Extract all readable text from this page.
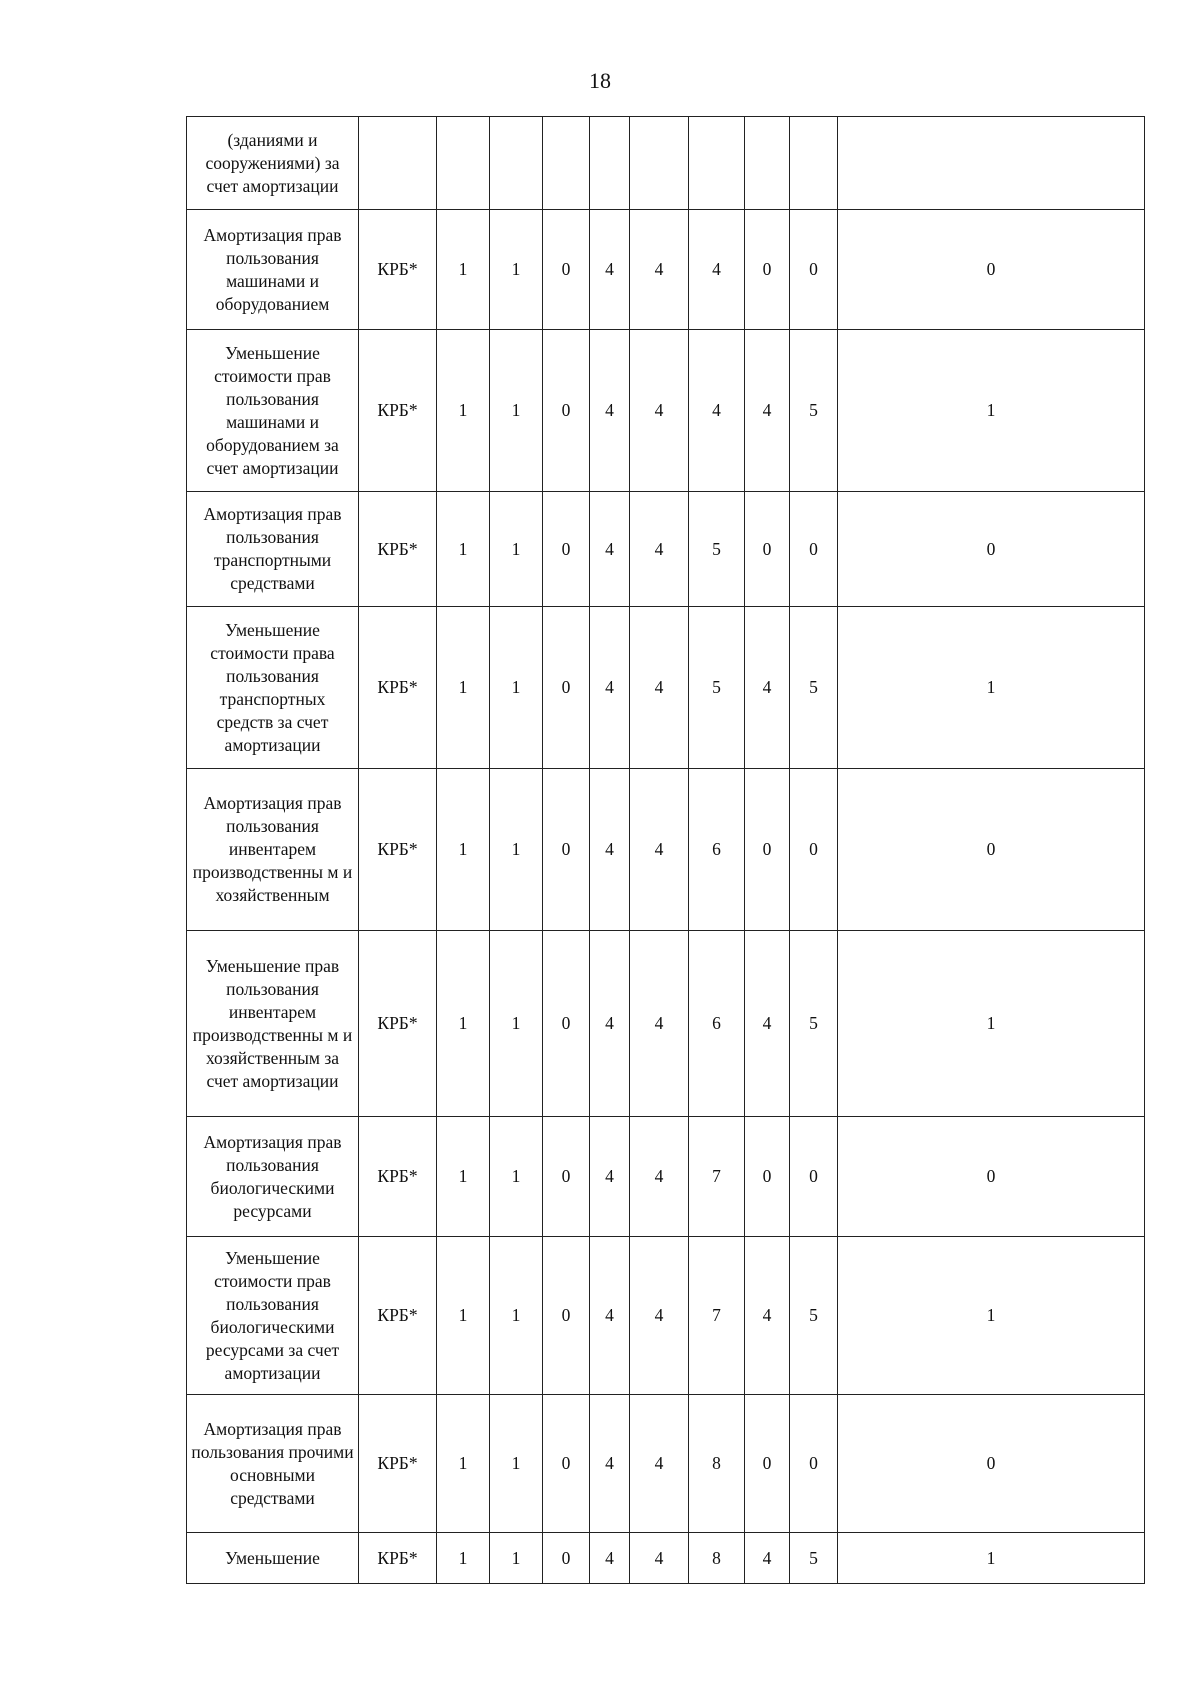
18
(зданиями и сооружениями) за счет амортизации											
Амортизация прав пользования машинами и оборудованием	КРБ*	1	1	0	4	4	4	0	0	0	
Уменьшение стоимости прав пользования машинами и оборудованием за счет амортизации	КРБ*	1	1	0	4	4	4	4	5	1	
Амортизация прав пользования транспортными средствами	КРБ*	1	1	0	4	4	5	0	0	0	
Уменьшение стоимости права пользования транспортных средств за счет амортизации	КРБ*	1	1	0	4	4	5	4	5	1	
Амортизация прав пользования инвентарем производственны м и хозяйственным	КРБ*	1	1	0	4	4	6	0	0	0	
Уменьшение прав пользования инвентарем производственны м и хозяйственным за счет амортизации	КРБ*	1	1	0	4	4	6	4	5	1	
Амортизация прав пользования биологическими ресурсами	КРБ*	1	1	0	4	4	7	0	0	0	
Уменьшение стоимости прав пользования биологическими ресурсами за счет амортизации	КРБ*	1	1	0	4	4	7	4	5	1	
Амортизация прав пользования прочими основными средствами	КРБ*	1	1	0	4	4	8	0	0	0	
Уменьшение	КРБ*	1	1	0	4	4	8	4	5	1	
